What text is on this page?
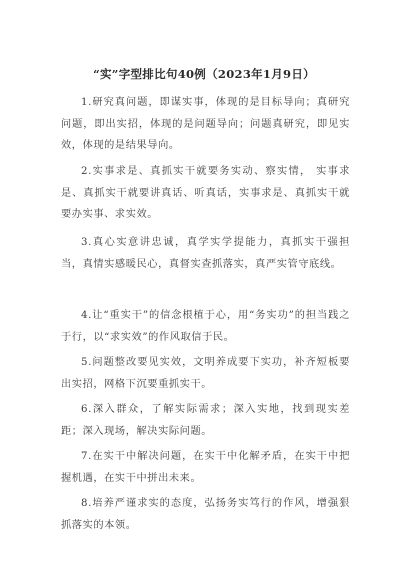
“实”字型排比句40例（2023年1月9日）

1.研究真问题，即谋实事，体现的是目标导向；真研究问题，即出实招，体现的是问题导向；问题真研究，即见实效，体现的是结果导向。

2.实事求是、真抓实干就要务实动、察实情， 实事求是、真抓实干就要讲真话、听真话，实事求是、真抓实干就要办实事、求实效。

3.真心实意讲忠诚，真学实学提能力，真抓实干强担当，真情实感暖民心，真督实查抓落实，真严实管守底线。

4.让“重实干”的信念根植于心，用“务实功”的担当践之于行，以“求实效”的作风取信于民。

5.问题整改要见实效，文明养成要下实功，补齐短板要出实招，网格下沉要重抓实干。

6.深入群众，了解实际需求；深入实地，找到现实差距；深入现场，解决实际问题。

7.在实干中解决问题，在实干中化解矛盾，在实干中把握机遇，在实干中拼出未来。

8.培养严谨求实的态度，弘扬务实笃行的作风，增强狠抓落实的本领。
